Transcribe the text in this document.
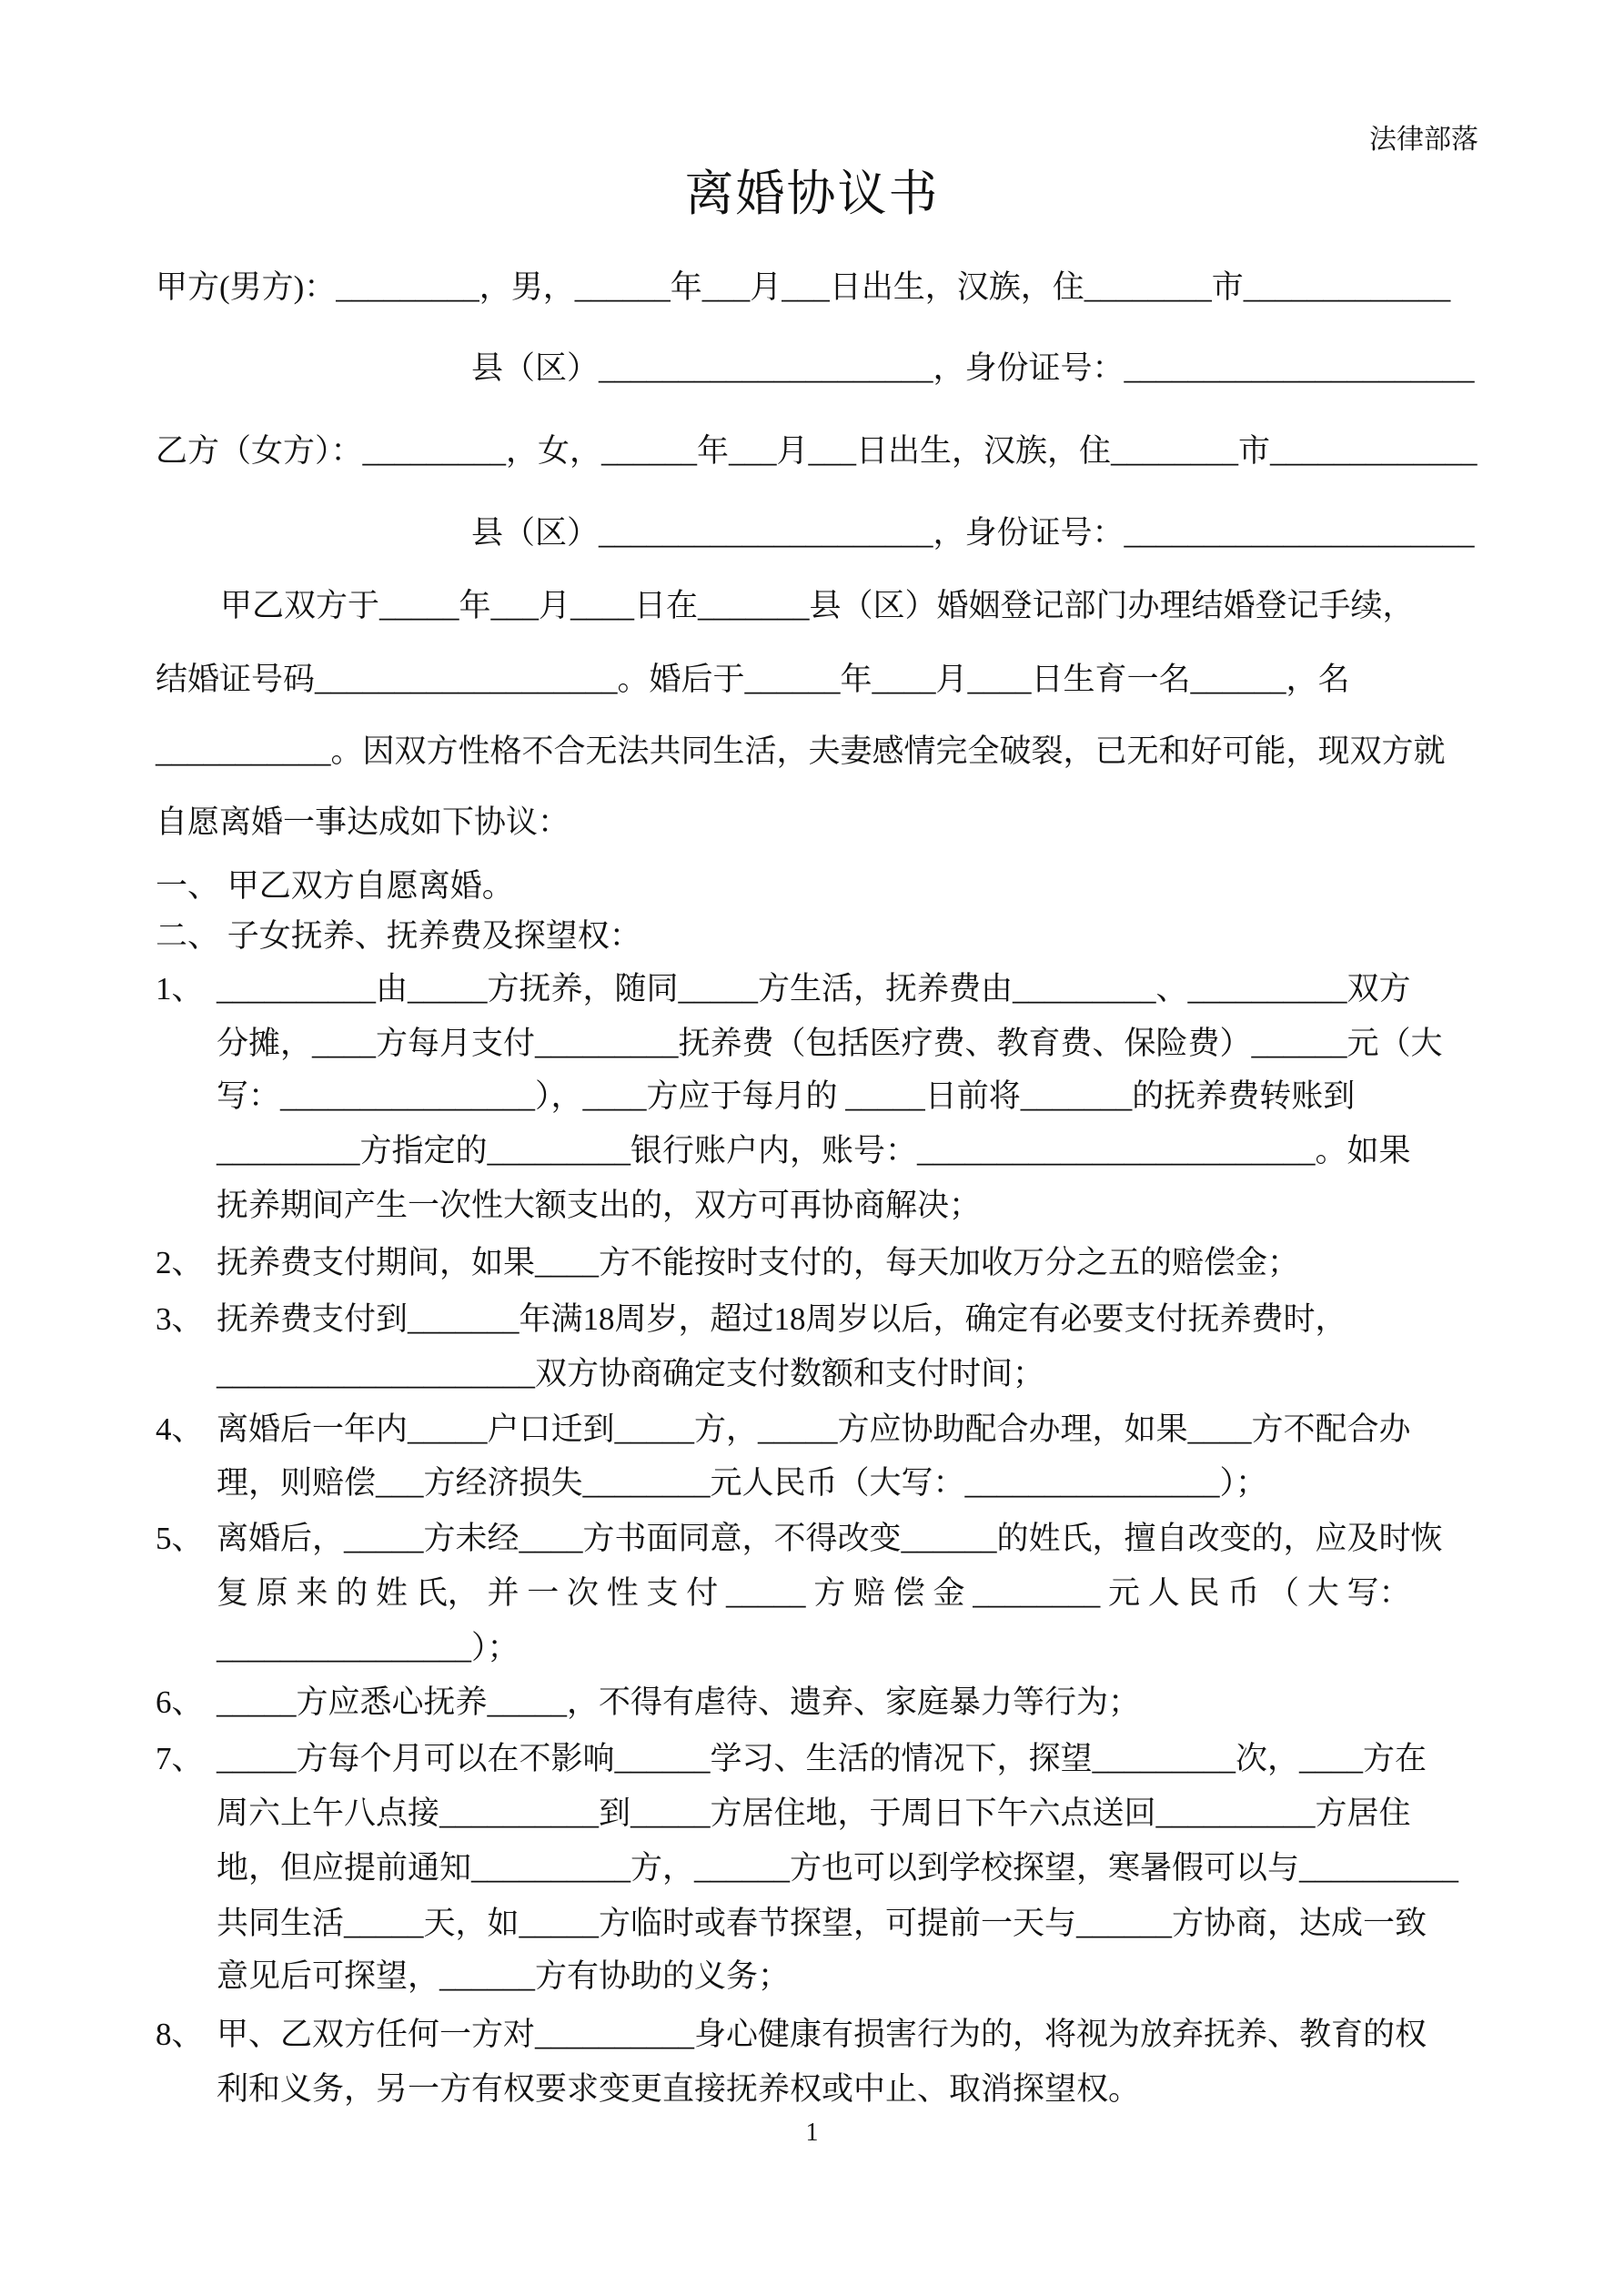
法律部落
离婚协议书
甲方(男方)：_________，男，______年___月___日出生，汉族，住________市_____________
县（区）_____________________，身份证号：______________________
乙方（女方）：_________，女，______年___月___日出生，汉族，住________市_____________
县（区）_____________________，身份证号：______________________
甲乙双方于_____年___月____日在_______县（区）婚姻登记部门办理结婚登记手续，
结婚证号码___________________。婚后于______年____月____日生育一名______，名
___________。因双方性格不合无法共同生活，夫妻感情完全破裂，已无和好可能，现双方就
自愿离婚一事达成如下协议：
一、 甲乙双方自愿离婚。
二、 子女抚养、抚养费及探望权：
1、 __________由_____方抚养，随同_____方生活，抚养费由_________、__________双方
分摊，____方每月支付_________抚养费（包括医疗费、教育费、保险费）______元（大
写：________________），____方应于每月的 _____日前将_______的抚养费转账到
_________方指定的_________银行账户内，账号：_________________________。如果
抚养期间产生一次性大额支出的，双方可再协商解决；
2、 抚养费支付期间，如果____方不能按时支付的，每天加收万分之五的赔偿金；
3、 抚养费支付到_______年满18周岁，超过18周岁以后，确定有必要支付抚养费时，
____________________双方协商确定支付数额和支付时间；
4、 离婚后一年内_____户口迁到_____方，_____方应协助配合办理，如果____方不配合办
理，则赔偿___方经济损失________元人民币（大写：________________）；
5、 离婚后，_____方未经____方书面同意，不得改变______的姓氏，擅自改变的，应及时恢
复 原 来 的 姓 氏， 并 一 次 性 支 付 _____ 方 赔 偿 金 ________ 元 人 民 币 （ 大 写：
________________）；
6、 _____方应悉心抚养_____，不得有虐待、遗弃、家庭暴力等行为；
7、 _____方每个月可以在不影响______学习、生活的情况下，探望_________次，____方在
周六上午八点接__________到_____方居住地，于周日下午六点送回__________方居住
地，但应提前通知__________方，______方也可以到学校探望，寒暑假可以与__________
共同生活_____天，如_____方临时或春节探望，可提前一天与______方协商，达成一致
意见后可探望，______方有协助的义务；
8、 甲、乙双方任何一方对__________身心健康有损害行为的，将视为放弃抚养、教育的权
利和义务，另一方有权要求变更直接抚养权或中止、取消探望权。
1
